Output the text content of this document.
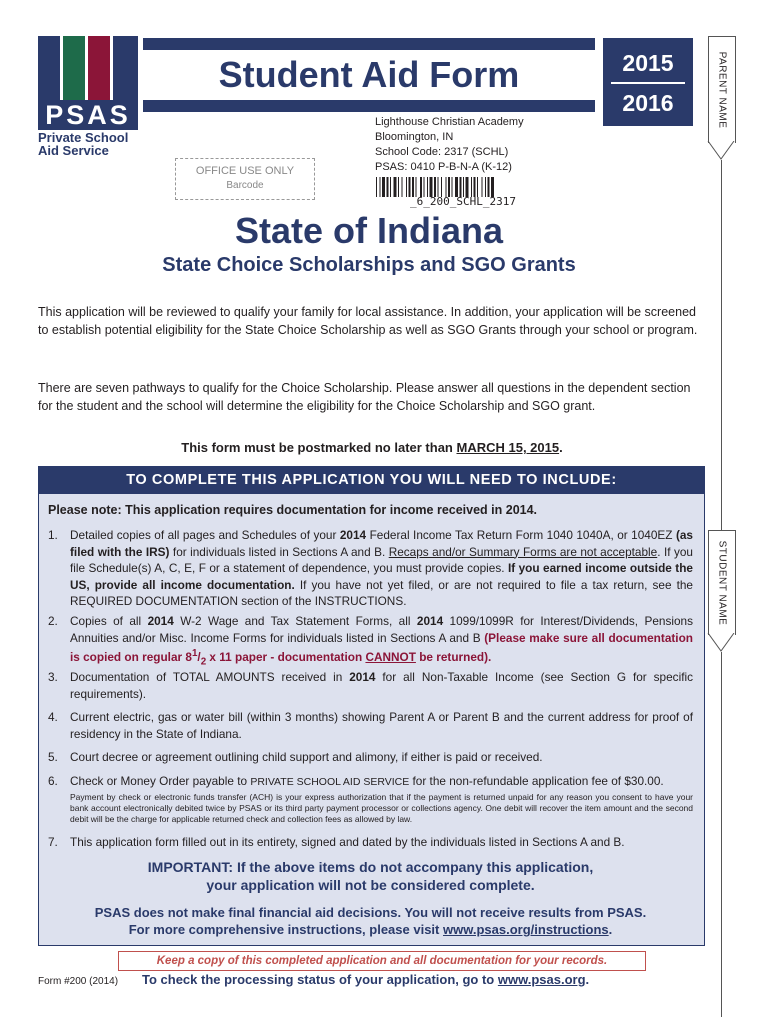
PSAS
Private School
Aid Service
Student Aid Form	2015
2016	PARENT NAME
STUDENT NAME
Lighthouse Christian Academy
Bloomington, IN
School Code: 2317 (SCHL)
PSAS: 0410 P-B-N-A (K-12)
OFFICE USE ONLY
Barcode
_6_200_SCHL_2317
State of Indiana
State Choice Scholarships and SGO Grants
This application will be reviewed to qualify your family for local assistance. In addition, your application will be screened to establish potential eligibility for the State Choice Scholarship as well as SGO Grants through your school or program.
There are seven pathways to qualify for the Choice Scholarship. Please answer all questions in the dependent section for the student and the school will determine the eligibility for the Choice Scholarship and SGO grant.
This form must be postmarked no later than MARCH 15, 2015.
TO COMPLETE THIS APPLICATION YOU WILL NEED TO INCLUDE:
Please note: This application requires documentation for income received in 2014.
1.	Detailed copies of all pages and Schedules of your 2014 Federal Income Tax Return Form 1040 1040A, or 1040EZ (as filed with the IRS) for individuals listed in Sections A and B. Recaps and/or Summary Forms are not acceptable. If you file Schedule(s) A, C, E, F or a statement of dependence, you must provide copies. If you earned income outside the US, provide all income documentation. If you have not yet filed, or are not required to file a tax return, see the REQUIRED DOCUMENTATION section of the INSTRUCTIONS.
2.	Copies of all 2014 W-2 Wage and Tax Statement Forms, all 2014 1099/1099R for Interest/Dividends, Pensions Annuities and/or Misc. Income Forms for individuals listed in Sections A and B (Please make sure all documentation is copied on regular $8^1/_2$ x 11 paper - documentation CANNOT be returned).
3.	Documentation of TOTAL AMOUNTS received in 2014 for all Non-Taxable Income (see Section G for specific requirements).
4.	Current electric, gas or water bill (within 3 months) showing Parent A or Parent B and the current address for proof of residency in the State of Indiana.
5.	Court decree or agreement outlining child support and alimony, if either is paid or received.
6.	Check or Money Order payable to PRIVATE SCHOOL AID SERVICE for the non-refundable application fee of $30.00.
Payment by check or electronic funds transfer (ACH) is your express authorization that if the payment is returned unpaid for any reason you consent to have your bank account electronically debited twice by PSAS or its third party payment processor or collections agency. One debit will recover the item amount and the second debit will be the charge for applicable returned check and collection fees as allowed by law.
7.	This application form filled out in its entirety, signed and dated by the individuals listed in Sections A and B.
IMPORTANT: If the above items do not accompany this application,
your application will not be considered complete.
PSAS does not make final financial aid decisions. You will not receive results from PSAS.
For more comprehensive instructions, please visit www.psas.org/instructions.
Keep a copy of this completed application and all documentation for your records.
Form #200 (2014) To check the processing status of your application, go to www.psas.org.
